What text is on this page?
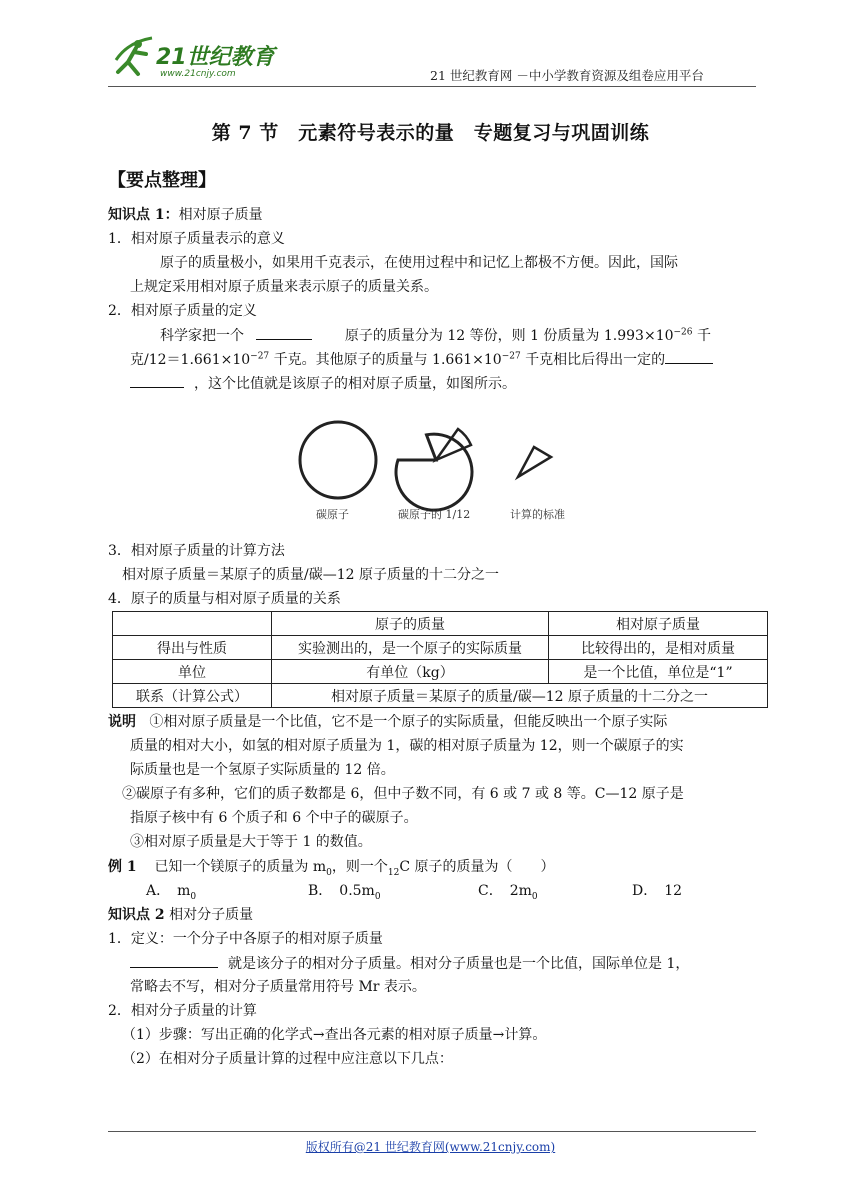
21世纪教育
www.21cnjy.com	21 世纪教育网 －中小学教育资源及组卷应用平台
第 7 节　元素符号表示的量　专题复习与巩固训练
【要点整理】
知识点 1：相对原子质量
1．相对原子质量表示的意义
原子的质量极小，如果用千克表示，在使用过程中和记忆上都极不方便。因此，国际
上规定采用相对原子质量来表示原子的质量关系。
2．相对原子质量的定义
科学家把一个	原子的质量分为 12 等份，则 1 份质量为 $1.993\times 10^{-26}$ 千
克$/12=1.661\times 10^{-27}$ 千克。其他原子的质量与 $1.661\times 10^{-27}$ 千克相比后得出一定的
，这个比值就是该原子的相对原子质量，如图所示。
碳原子	碳原子的 1/12	计算的标准
3．相对原子质量的计算方法
相对原子质量＝某原子的质量/碳—12 原子质量的十二分之一
4．原子的质量与相对原子质量的关系
	原子的质量	相对原子质量
得出与性质	实验测出的，是一个原子的实际质量	比较得出的，是相对质量
单位	有单位（kg）	是一个比值，单位是“1”
联系（计算公式）	相对原子质量＝某原子的质量/碳—12 原子质量的十二分之一	
说明 ①相对原子质量是一个比值，它不是一个原子的实际质量，但能反映出一个原子实际
质量的相对大小，如氢的相对原子质量为 1，碳的相对原子质量为 12，则一个碳原子的实
际质量也是一个氢原子实际质量的 12 倍。
②碳原子有多种，它们的质子数都是 6，但中子数不同，有 6 或 7 或 8 等。C—12 原子是
指原子核中有 6 个质子和 6 个中子的碳原子。
③相对原子质量是大于等于 1 的数值。
例 1 已知一个镁原子的质量为 $m_0$，则一个$_{12}$C 原子的质量为（　　）
A．　$m_0$	B．　$0.5m_0$	C．　$2m_0$	D．　12
知识点 2 相对分子质量
1．定义：一个分子中各原子的相对原子质量
就是该分子的相对分子质量。相对分子质量也是一个比值，国际单位是 1，
常略去不写，相对分子质量常用符号 Mr 表示。
2．相对分子质量的计算
（1）步骤：写出正确的化学式→查出各元素的相对原子质量→计算。
（2）在相对分子质量计算的过程中应注意以下几点：
版权所有@21 世纪教育网(www.21cnjy.com)
